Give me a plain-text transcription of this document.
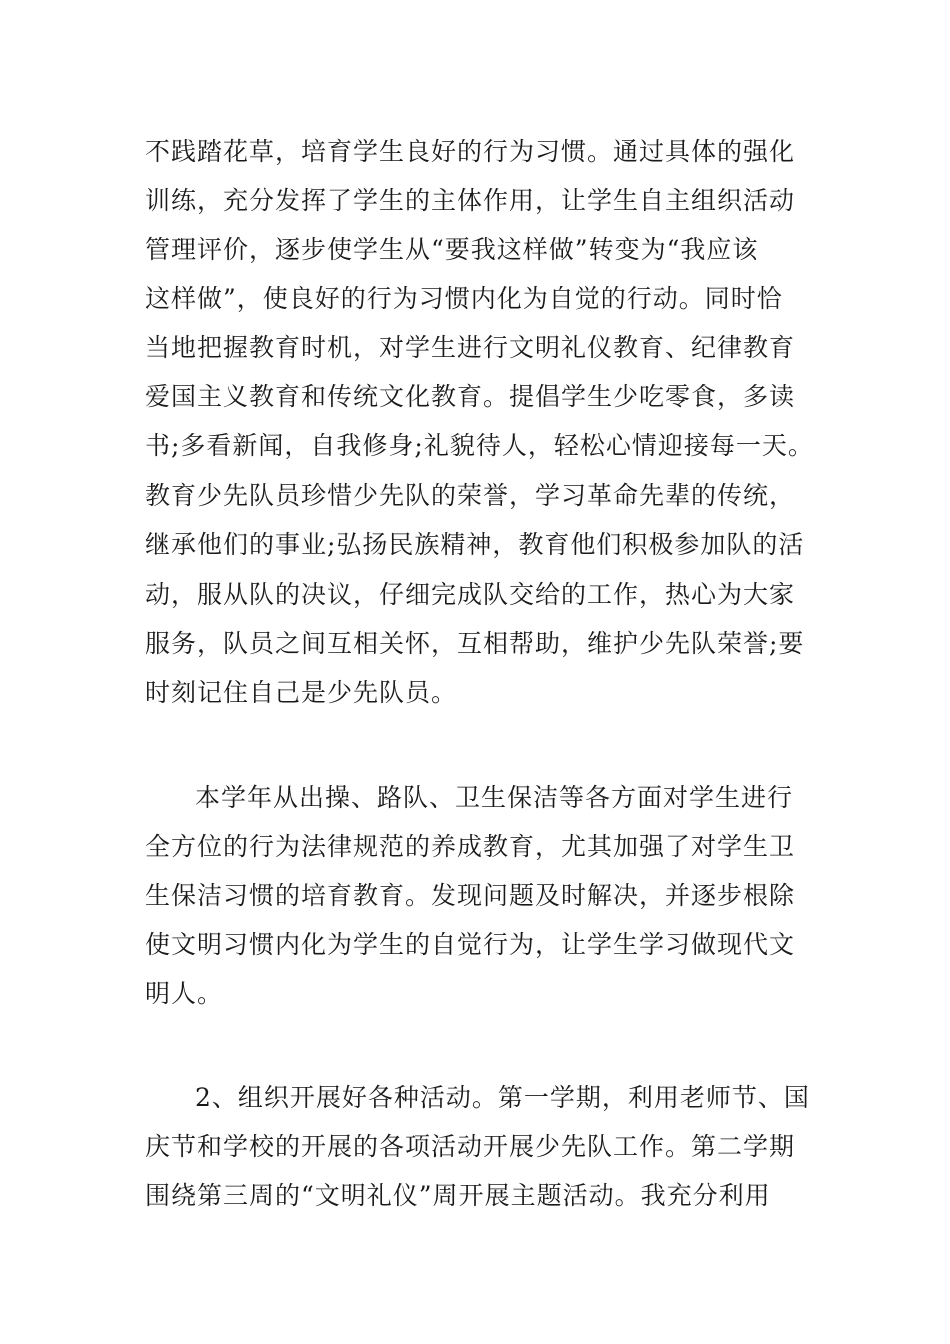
不践踏花草，培育学生良好的行为习惯。通过具体的强化
训练，充分发挥了学生的主体作用，让学生自主组织活动
管理评价，逐步使学生从“要我这样做”转变为“我应该
这样做”，使良好的行为习惯内化为自觉的行动。同时恰
当地把握教育时机，对学生进行文明礼仪教育、纪律教育
爱国主义教育和传统文化教育。提倡学生少吃零食，多读
书;多看新闻，自我修身;礼貌待人，轻松心情迎接每一天。
教育少先队员珍惜少先队的荣誉，学习革命先辈的传统，
继承他们的事业;弘扬民族精神，教育他们积极参加队的活
动，服从队的决议，仔细完成队交给的工作，热心为大家
服务，队员之间互相关怀，互相帮助，维护少先队荣誉;要
时刻记住自己是少先队员。
本学年从出操、路队、卫生保洁等各方面对学生进行
全方位的行为法律规范的养成教育，尤其加强了对学生卫
生保洁习惯的培育教育。发现问题及时解决，并逐步根除
使文明习惯内化为学生的自觉行为，让学生学习做现代文
明人。
2、组织开展好各种活动。第一学期，利用老师节、国
庆节和学校的开展的各项活动开展少先队工作。第二学期
围绕第三周的“文明礼仪”周开展主题活动。我充分利用
